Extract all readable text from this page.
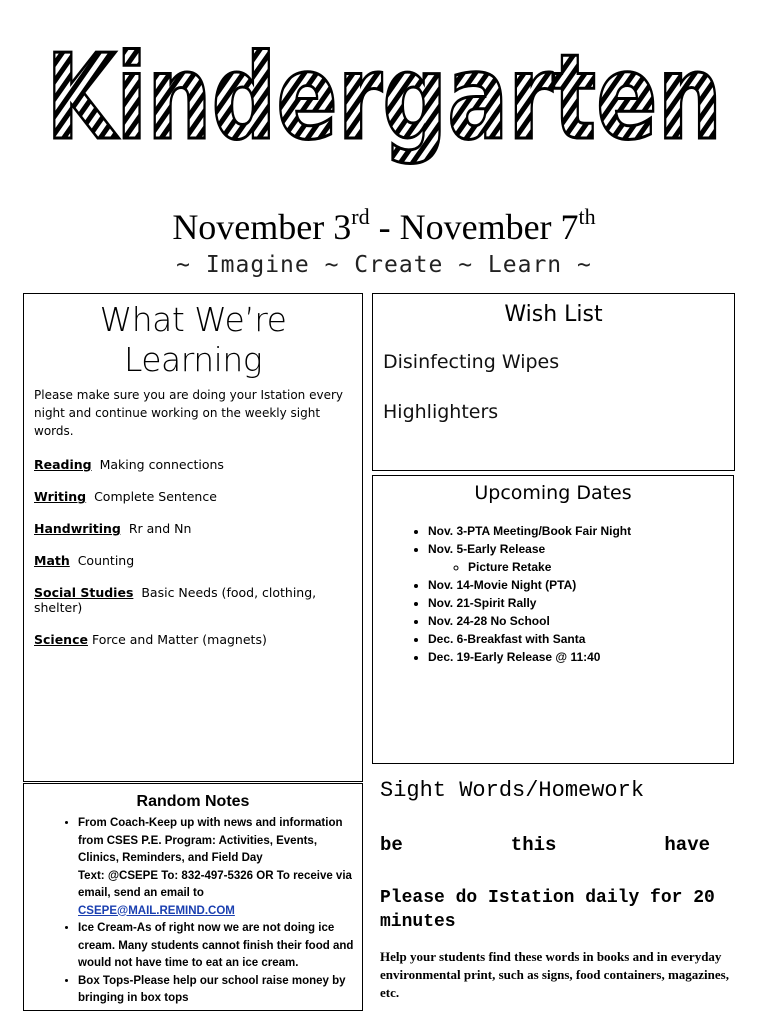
Kindergarten
November 3rd - November 7th
~ Imagine ~ Create ~ Learn ~
What We’re
Learning
Please make sure you are doing your Istation every night and continue working on the weekly sight words.
Reading Making connections
Writing Complete Sentence
Handwriting Rr and Nn
Math Counting
Social Studies Basic Needs (food, clothing, shelter)
Science Force and Matter (magnets)
Wish List
Disinfecting Wipes
Highlighters
Upcoming Dates
• Nov. 3-PTA Meeting/Book Fair Night
• Nov. 5-Early Release
◦ Picture Retake
• Nov. 14-Movie Night (PTA)
• Nov. 21-Spirit Rally
• Nov. 24-28 No School
• Dec. 6-Breakfast with Santa
• Dec. 19-Early Release @ 11:40
Random Notes
• From Coach-Keep up with news and information from CSES P.E. Program: Activities, Events, Clinics, Reminders, and Field Day
Text: @CSEPE To: 832-497-5326 OR To receive via email, send an email to
CSEPE@MAIL.REMIND.COM
• Ice Cream-As of right now we are not doing ice cream. Many students cannot finish their food and would not have time to eat an ice cream.
• Box Tops-Please help our school raise money by bringing in box tops
Sight Words/Homework
be	this	have
Please do Istation daily for 20 minutes
Help your students find these words in books and in everyday environmental print, such as signs, food containers, magazines, etc.
